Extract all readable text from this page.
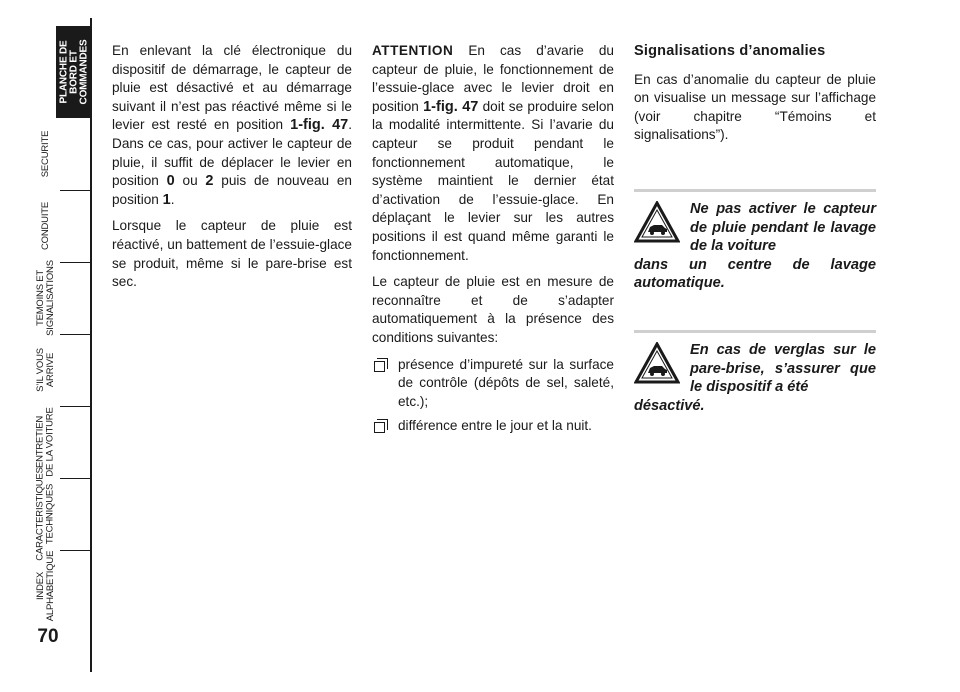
PLANCHE DE
BORD ET
COMMANDES
SECURITE
CONDUITE
TEMOINS ET
SIGNALISATIONS
S’IL VOUS
ARRIVE
ENTRETIEN
DE LA VOITURE
CARACTERISTIQUES
TECHNIQUES
INDEX
ALPHABETIQUE
70

En enlevant la clé électronique du dispositif de démarrage, le capteur de pluie est désactivé et au démarrage suivant il n’est pas réactivé même si le levier est resté en position 1-fig. 47. Dans ce cas, pour activer le capteur de pluie, il suffit de déplacer le levier en position 0 ou 2 puis de nouveau en position 1.

Lorsque le capteur de pluie est réactivé, un battement de l’essuie-glace se produit, même si le pare-brise est sec.

ATTENTION En cas d’avarie du capteur de pluie, le fonctionnement de l’essuie-glace avec le levier droit en position 1-fig. 47 doit se produire selon la modalité intermittente. Si l’avarie du capteur se produit pendant le fonctionnement automatique, le système maintient le dernier état d’activation de l’essuie-glace. En déplaçant le levier sur les autres positions il est quand même garanti le fonctionnement.

Le capteur de pluie est en mesure de reconnaître et de s’adapter automatiquement à la présence des conditions suivantes:

présence d’impureté sur la surface de contrôle (dépôts de sel, saleté, etc.);
différence entre le jour et la nuit.
Signalisations d’anomalies

En cas d’anomalie du capteur de pluie on visualise un message sur l’affichage (voir chapitre “Témoins et signalisations”).

Ne pas activer le capteur de pluie pendant le lavage de la voiture
dans un centre de lavage automatique.
En cas de verglas sur le pare-brise, s’assurer que le dispositif a été
désactivé.
